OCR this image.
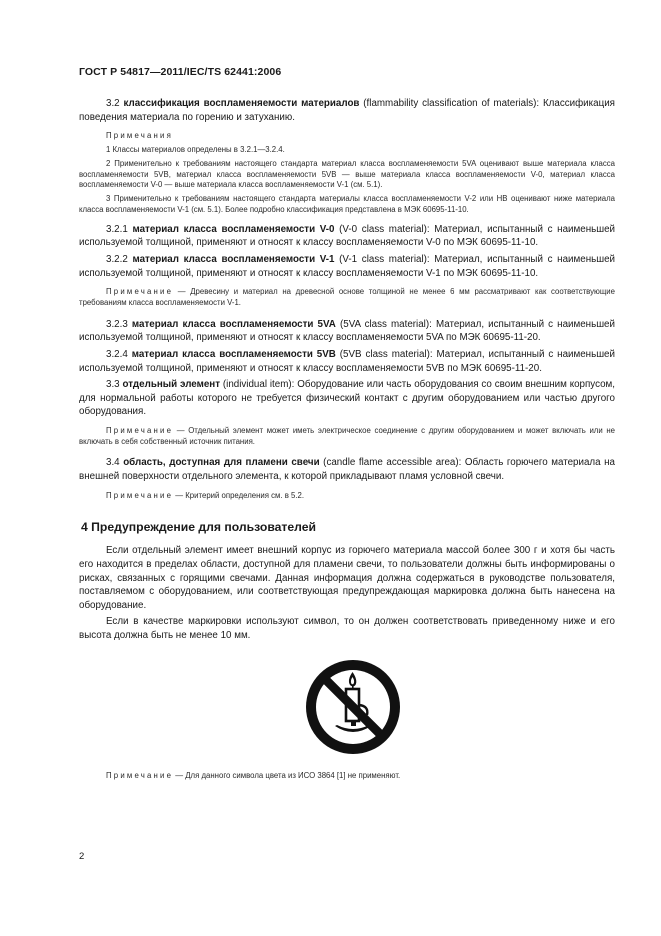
ГОСТ Р 54817—2011/IEC/TS 62441:2006

3.2 классификация воспламеняемости материалов (flammability classification of materials): Классификация поведения материала по горению и затуханию.

Примечания

1 Классы материалов определены в 3.2.1—3.2.4.

2 Применительно к требованиям настоящего стандарта материал класса воспламеняемости 5VA оценивают выше материала класса воспламеняемости 5VB, материал класса воспламеняемости 5VB — выше материала класса воспламеняемости V-0, материал класса воспламеняемости V-0 — выше материала класса воспламеняемости V-1 (см. 5.1).

3 Применительно к требованиям настоящего стандарта материалы класса воспламеняемости V-2 или HB оценивают ниже материала класса воспламеняемости V-1 (см. 5.1). Более подробно классификация представлена в МЭК 60695-11-10.

3.2.1 материал класса воспламеняемости V-0 (V-0 class material): Материал, испытанный с наименьшей используемой толщиной, применяют и относят к классу воспламеняемости V-0 по МЭК 60695-11-10.

3.2.2 материал класса воспламеняемости V-1 (V-1 class material): Материал, испытанный с наименьшей используемой толщиной, применяют и относят к классу воспламеняемости V-1 по МЭК 60695-11-10.

Примечание — Древесину и материал на древесной основе толщиной не менее 6 мм рассматривают как соответствующие требованиям класса воспламеняемости V-1.

3.2.3 материал класса воспламеняемости 5VA (5VA class material): Материал, испытанный с наименьшей используемой толщиной, применяют и относят к классу воспламеняемости 5VA по МЭК 60695-11-20.

3.2.4 материал класса воспламеняемости 5VB (5VB class material): Материал, испытанный с наименьшей используемой толщиной, применяют и относят к классу воспламеняемости 5VB по МЭК 60695-11-20.

3.3 отдельный элемент (individual item): Оборудование или часть оборудования со своим внешним корпусом, для нормальной работы которого не требуется физический контакт с другим оборудованием или частью другого оборудования.

Примечание — Отдельный элемент может иметь электрическое соединение с другим оборудованием и может включать или не включать в себя собственный источник питания.

3.4 область, доступная для пламени свечи (candle flame accessible area): Область горючего материала на внешней поверхности отдельного элемента, к которой прикладывают пламя условной свечи.

Примечание — Критерий определения см. в 5.2.

4 Предупреждение для пользователей

Если отдельный элемент имеет внешний корпус из горючего материала массой более 300 г и хотя бы часть его находится в пределах области, доступной для пламени свечи, то пользователи должны быть информированы о рисках, связанных с горящими свечами. Данная информация должна содержаться в руководстве пользователя, поставляемом с оборудованием, или соответствующая предупреждающая маркировка должна быть нанесена на оборудование.

Если в качестве маркировки используют символ, то он должен соответствовать приведенному ниже и его высота должна быть не менее 10 мм.

Примечание — Для данного символа цвета из ИСО 3864 [1] не применяют.

2
